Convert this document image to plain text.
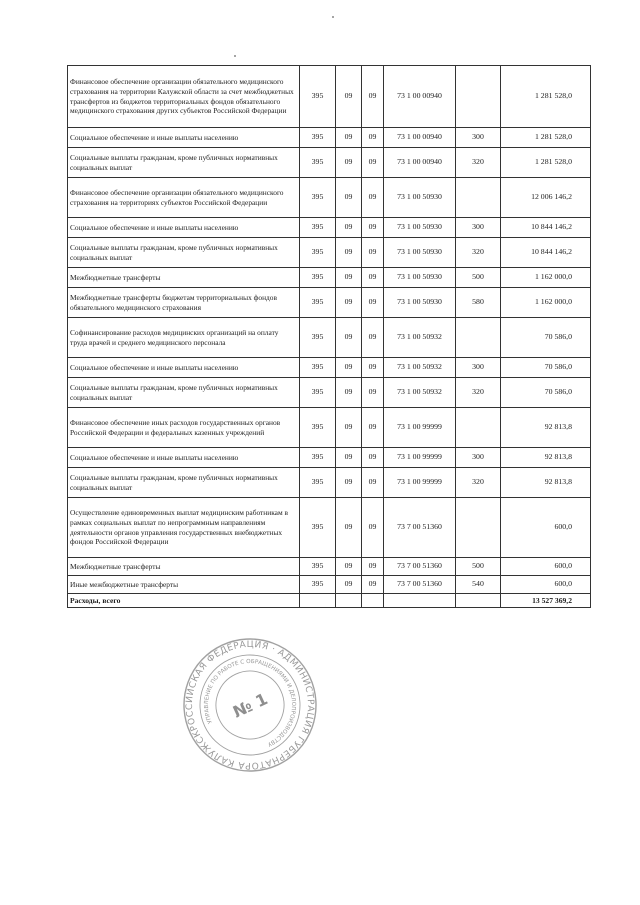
Финансовое обеспечение организации обязательного медицинского страхования на территории Калужской области за счет межбюджетных трансфертов из бюджетов территориальных фондов обязательного медицинского страхования других субъектов Российской Федерации	395	09	09	73 1 00 00940		1 281 528,0
Социальное обеспечение и иные выплаты населению	395	09	09	73 1 00 00940	300	1 281 528,0
Социальные выплаты гражданам, кроме публичных нормативных социальных выплат	395	09	09	73 1 00 00940	320	1 281 528,0
Финансовое обеспечение организации обязательного медицинского страхования на территориях субъектов Российской Федерации	395	09	09	73 1 00 50930		12 006 146,2
Социальное обеспечение и иные выплаты населению	395	09	09	73 1 00 50930	300	10 844 146,2
Социальные выплаты гражданам, кроме публичных нормативных социальных выплат	395	09	09	73 1 00 50930	320	10 844 146,2
Межбюджетные трансферты	395	09	09	73 1 00 50930	500	1 162 000,0
Межбюджетные трансферты бюджетам территориальных фондов обязательного медицинского страхования	395	09	09	73 1 00 50930	580	1 162 000,0
Софинансирование расходов медицинских организаций на оплату труда врачей и среднего медицинского персонала	395	09	09	73 1 00 50932		70 586,0
Социальное обеспечение и иные выплаты населению	395	09	09	73 1 00 50932	300	70 586,0
Социальные выплаты гражданам, кроме публичных нормативных социальных выплат	395	09	09	73 1 00 50932	320	70 586,0
Финансовое обеспечение иных расходов государственных органов Российской Федерации и федеральных казенных учреждений	395	09	09	73 1 00 99999		92 813,8
Социальное обеспечение и иные выплаты населению	395	09	09	73 1 00 99999	300	92 813,8
Социальные выплаты гражданам, кроме публичных нормативных социальных выплат	395	09	09	73 1 00 99999	320	92 813,8
Осуществление единовременных выплат медицинским работникам в рамках социальных выплат по непрограммным направлениям деятельности органов управления государственных внебюджетных фондов Российской Федерации	395	09	09	73 7 00 51360		600,0
Межбюджетные трансферты	395	09	09	73 7 00 51360	500	600,0
Иные межбюджетные трансферты	395	09	09	73 7 00 51360	540	600,0
Расходы, всего						13 527 369,2
РОССИЙСКАЯ ФЕДЕРАЦИЯ · АДМИНИСТРАЦИЯ ГУБЕРНАТОРА КАЛУЖСКОЙ
УПРАВЛЕНИЕ ПО РАБОТЕ С ОБРАЩЕНИЯМИ И ДЕЛОПРОИЗВОДСТВУ
№ 1
